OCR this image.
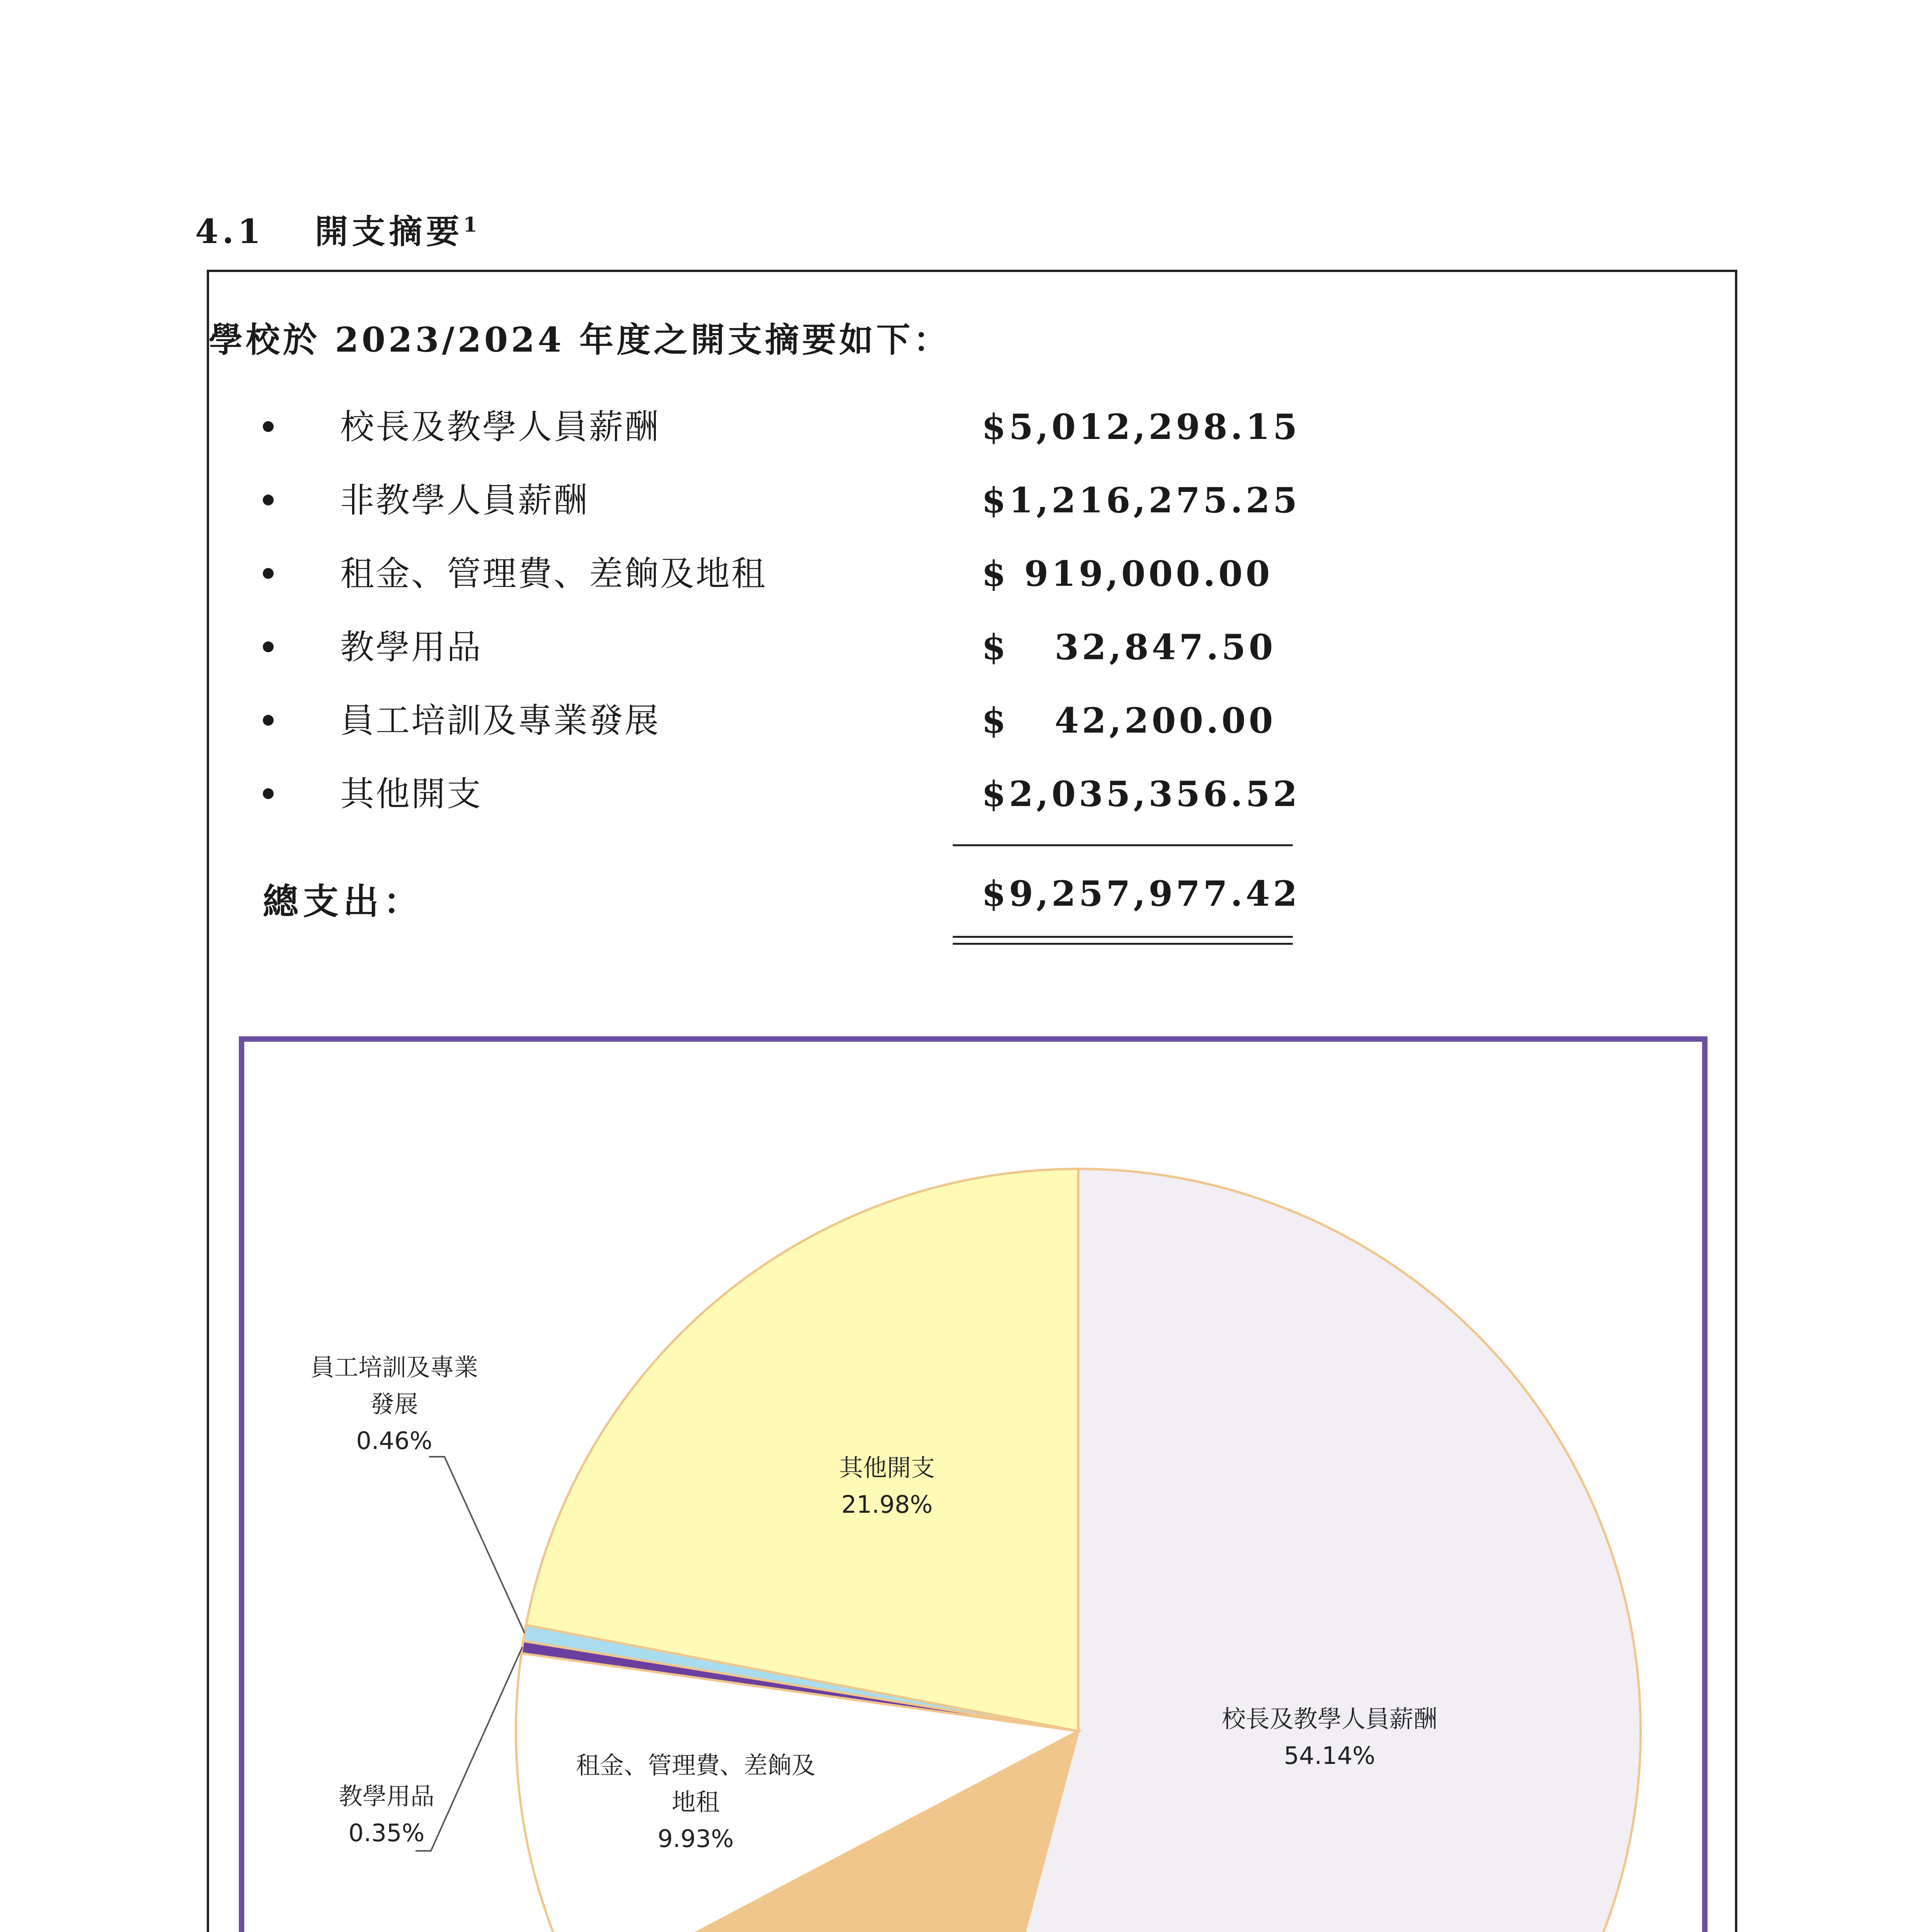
4.1 開支摘要$^1$
學校於 2023/2024 年度之開支摘要如下：
校長及教學人員薪酬	$5,012,298.15
非教學人員薪酬	$1,216,275.25
租金、管理費、差餉及地租	$ 919,000.00
教學用品	$   32,847.50
員工培訓及專業發展	$   42,200.00
其他開支	$2,035,356.52
總支出：	$9,257,977.42
校長及教學人員薪酬 54.14%
租金、管理費、差餉及地租 9.93%
教學用品 0.35%
員工培訓及專業發展 0.46%
其他開支 21.98%
